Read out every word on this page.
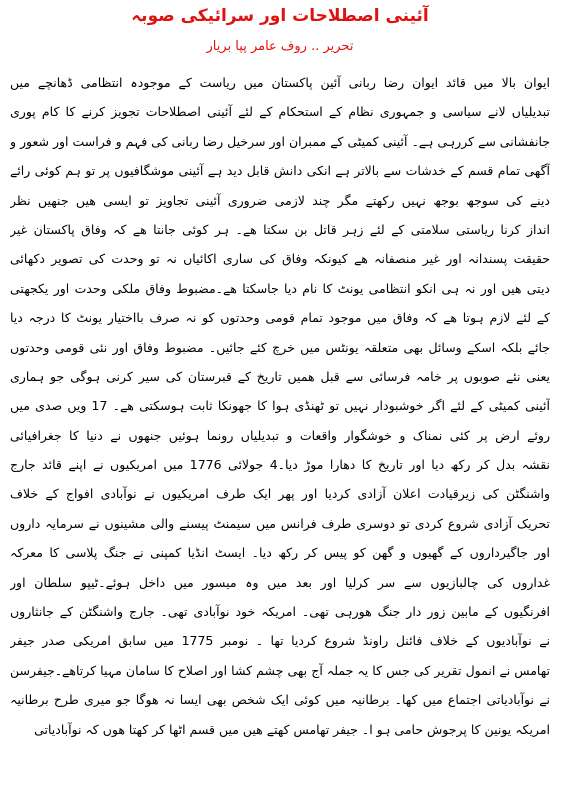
آئینی اصطلاحات اور سرائیکی صوبہ
تحریر .. روف عامر پپا بریار
ایوان بالا میں قائد ایوان رضا ربانی آئین پاکستان میں ریاست کے موجودہ انتظامی ڈھانچے میں
تبدیلیاں لانے سیاسی و جمہوری نظام کے استحکام کے لئے آئینی اصطلاحات تجویز کرنے کا کام پوری
جانفشانی سے کررہی ہے۔ آئینی کمیٹی کے ممبران اور سرخیل رضا ربانی کی فہم و فراست اور شعور و
آگھی تمام قسم کے خدشات سے بالاتر ہے انکی دانش قابل دید ہے آئینی موشگافیوں پر تو ہم کوئی رائے
دینے کی سوجھ بوجھ نہیں رکھتے مگر چند لازمی ضروری آئینی تجاویز تو ایسی ھیں جنھیں نظر
انداز کرنا ریاستی سلامتی کے لئے زہر قاتل بن سکتا ھے۔ ہر کوئی جانتا ھے کہ وفاق پاکستان غیر
حقیقت پسندانہ اور غیر منصفانہ ھے کیونکہ وفاق کی ساری اکائیاں نہ تو وحدت کی تصویر دکھائی
دیتی ھیں اور نہ ہی انکو انتظامی یونٹ کا نام دیا جاسکتا ھے۔مضبوط وفاق ملکی وحدت اور یکجھتی
کے لئے لازم ہوتا ھے کہ وفاق میں موجود تمام قومی وحدتوں کو نہ صرف بااختیار یونٹ کا درجہ دیا
جائے بلکہ اسکے وسائل بھی متعلقہ یونٹس میں خرچ کئے جائیں۔ مضبوط وفاق اور نئی قومی وحدتوں
یعنی نئے صوبوں پر خامہ فرسائی سے قبل ھمیں تاریخ کے قبرستان کی سیر کرنی ہوگی جو ہماری
آئینی کمیٹی کے لئے اگر خوشبودار نہیں تو ٹھنڈی ہوا کا جھونکا ثابت ہوسکتی ھے۔ 17 ویں صدی میں
روئے ارض پر کئی نمناک و خوشگوار واقعات و تبدیلیاں رونما ہوئیں جنھوں نے دنیا کا جغرافیائی
نقشہ بدل کر رکھ دیا اور تاریخ کا دھارا موڑ دیا۔4 جولائی 1776 میں امریکیوں نے اپنے قائد جارج
واشنگٹن کی زیرقیادت اعلان آزادی کردیا اور پھر ایک طرف امریکیوں نے نوآبادی افواج کے خلاف
تحریک آزادی شروع کردی تو دوسری طرف فرانس میں سیمنٹ پیسنے والی مشینوں نے سرمایہ داروں
اور جاگیرداروں کے گھیوں و گھن کو پیس کر رکھ دیا۔ ایسٹ انڈیا کمپنی نے جنگ پلاسی کا معرکہ
غداروں کی چالبازیوں سے سر کرلیا اور بعد میں وہ میسور میں داخل ہوئے۔ٹیپو سلطان اور
افرنگیوں کے مابین زور دار جنگ ھورہی تھی۔ امریکہ خود نوآبادی تھی۔ جارج واشنگٹن کے جانثاروں
نے نوآبادیوں کے خلاف فائنل راونڈ شروع کردیا تھا ۔ نومبر 1775 میں سابق امریکی صدر جیفر
تھامس نے انمول تقریر کی جس کا یہ جملہ آج بھی چشم کشا اور اصلاح کا سامان مہیا کرتاھے۔جیفرسن
نے نوآبادیاتی اجتماع میں کھا۔ برطانیہ میں کوئی ایک شخص بھی ایسا نہ ھوگا جو میری طرح برطانیہ
امریکہ یونین کا پرجوش حامی ہو ا۔ جیفر تھامس کھتے ھیں میں قسم اٹھا کر کھتا ھوں کہ نوآبادیاتی
